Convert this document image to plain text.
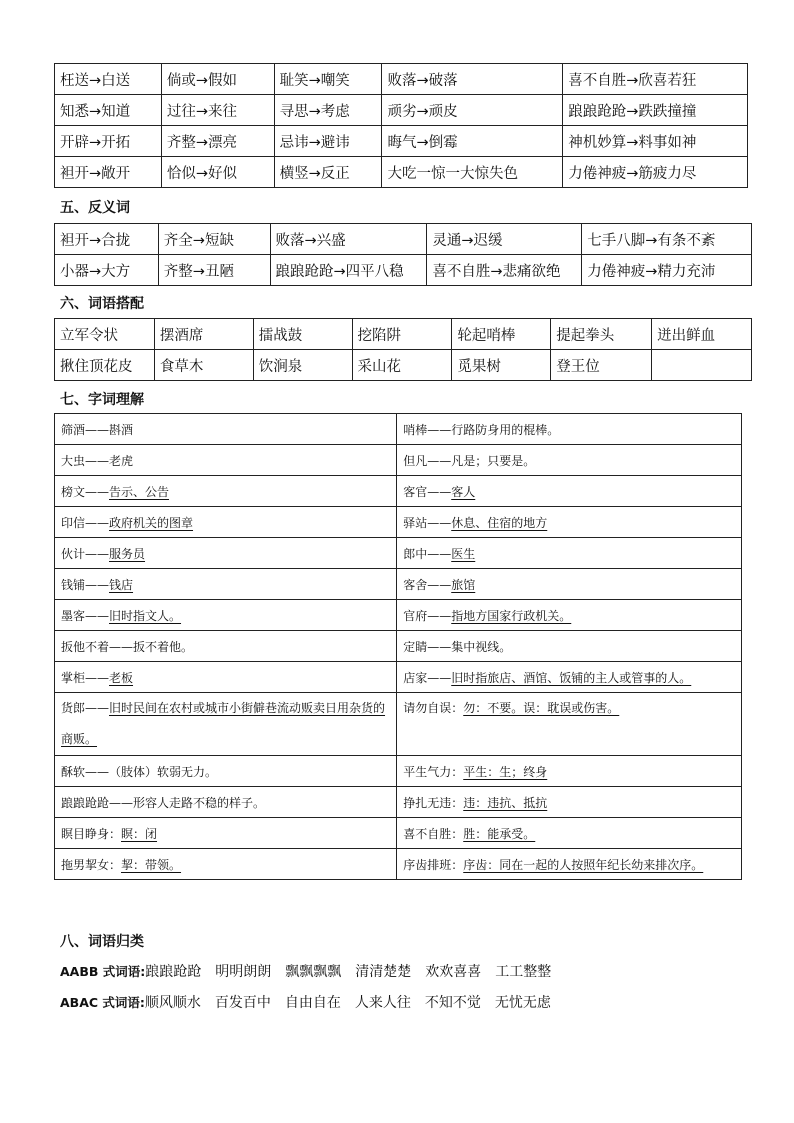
枉送→白送	倘或→假如	耻笑→嘲笑	败落→破落	喜不自胜→欣喜若狂
知悉→知道	过往→来往	寻思→考虑	顽劣→顽皮	踉踉跄跄→跌跌撞撞
开辟→开拓	齐整→漂亮	忌讳→避讳	晦气→倒霉	神机妙算→料事如神
袒开→敞开	恰似→好似	横竖→反正	大吃一惊一大惊失色	力倦神疲→筋疲力尽
五、反义词
袒开→合拢	齐全→短缺	败落→兴盛	灵通→迟缓	七手八脚→有条不紊
小器→大方	齐整→丑陋	踉踉跄跄→四平八稳	喜不自胜→悲痛欲绝	力倦神疲→精力充沛
六、词语搭配
立军令状	摆酒席	擂战鼓	挖陷阱	轮起哨棒	提起拳头	迸出鲜血
揪住顶花皮	食草木	饮涧泉	采山花	觅果树	登王位	
七、字词理解
筛酒——斟酒	哨棒——行路防身用的棍棒。
大虫——老虎	但凡——凡是；只要是。
榜文——告示、公告	客官——客人
印信——政府机关的图章	驿站——休息、住宿的地方
伙计——服务员	郎中——医生
钱铺——钱店	客舍——旅馆
墨客——旧时指文人。	官府——指地方国家行政机关。
扳他不着——扳不着他。	定睛——集中视线。
掌柜——老板	店家——旧时指旅店、酒馆、饭铺的主人或管事的人。
货郎——旧时民间在农村或城市小街僻巷流动贩卖日用杂货的商贩。	请勿自误：勿：不要。误：耽误或伤害。
酥软——（肢体）软弱无力。	平生气力：平生：生；终身
踉踉跄跄——形容人走路不稳的样子。	挣扎无违：违：违抗、抵抗
瞑目睁身：瞑：闭	喜不自胜：胜：能承受。
拖男挈女：挈：带领。	序齿排班：序齿：同在一起的人按照年纪长幼来排次序。
八、词语归类
AABB 式词语:踉踉跄跄 明明朗朗 飘飘飘飘 清清楚楚 欢欢喜喜 工工整整
ABAC 式词语:顺风顺水 百发百中 自由自在 人来人往 不知不觉 无忧无虑
